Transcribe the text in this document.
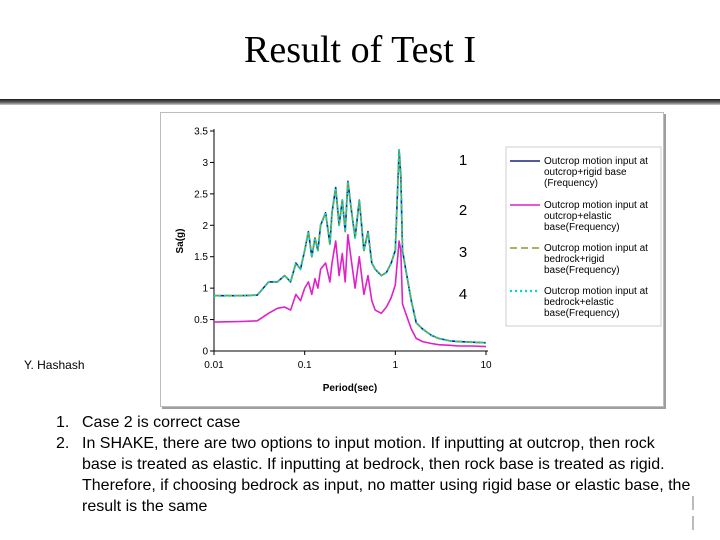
Result of Test I
0
0.5
1
1.5
2
2.5
3
3.5
0.01	0.1	1	10
Period(sec)
Sa(g)
1
2
3
4
Outcrop motion input at outcrop+rigid base (Frequency)
Outcrop motion input at outcrop+elastic base(Frequency)
Outcrop motion input at bedrock+rigid base(Frequency)
Outcrop motion input at bedrock+elastic base(Frequency)
Y. Hashash
1. Case 2 is correct case
2. In SHAKE, there are two options to input motion. If inputting at outcrop, then rock base is treated as elastic. If inputting at bedrock, then rock base is treated as rigid. Therefore, if choosing bedrock as input, no matter using rigid base or elastic base, the result is the same
